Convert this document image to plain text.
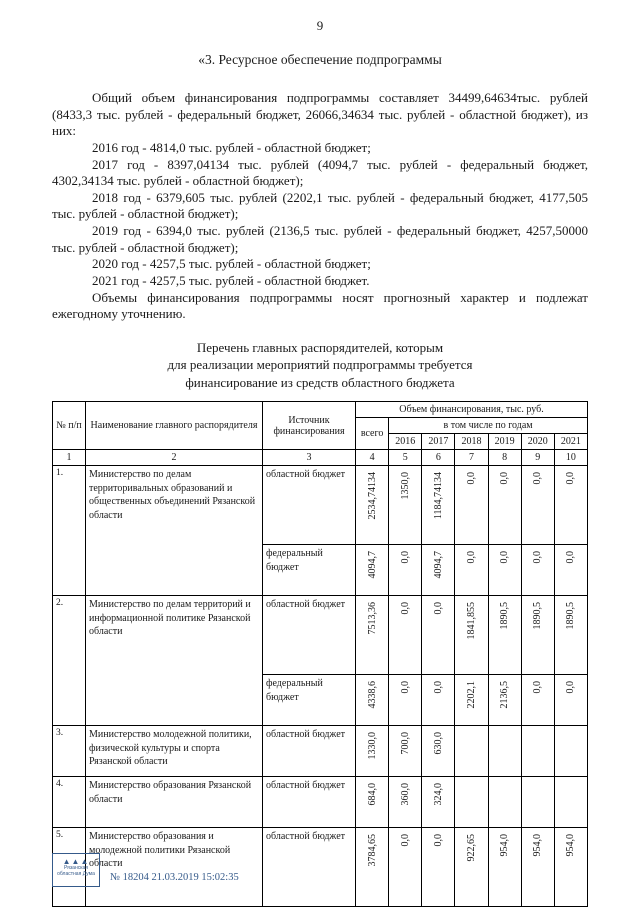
9
«3. Ресурсное обеспечение подпрограммы

Общий объем финансирования подпрограммы составляет 34499,64634тыс. рублей (8433,3 тыс. рублей - федеральный бюджет, 26066,34634 тыс. рублей - областной бюджет), из них:

2016 год - 4814,0 тыс. рублей - областной бюджет;

2017 год - 8397,04134 тыс. рублей (4094,7 тыс. рублей - федеральный бюджет, 4302,34134 тыс. рублей - областной бюджет);

2018 год - 6379,605 тыс. рублей (2202,1 тыс. рублей - федеральный бюджет, 4177,505 тыс. рублей - областной бюджет);

2019 год - 6394,0 тыс. рублей (2136,5 тыс. рублей - федеральный бюджет, 4257,50000 тыс. рублей - областной бюджет);

2020 год - 4257,5 тыс. рублей - областной бюджет;

2021 год - 4257,5 тыс. рублей - областной бюджет.

Объемы финансирования подпрограммы носят прогнозный характер и подлежат ежегодному уточнению.

Перечень главных распорядителей, которым
для реализации мероприятий подпрограммы требуется
финансирование из средств областного бюджета
№ п/п	Наименование главного распорядителя	Источник финансирования	Объем финансирования, тыс. руб.						
			всего	в том числе по годам					
				2016	2017	2018	2019	2020	2021
1	2	3	4	5	6	7	8	9	10
1.	Министерство по делам территоривальных образований и общественных объединений Рязанской области	областной бюджет	2534,74134	1350,0	1184,74134	0,0	0,0	0,0	0,0

		федеральный бюджет	4094,7	0,0	4094,7	0,0	0,0	0,0	0,0

2.	Министерство по делам территорий и информационной политике Рязанской области	областной бюджет	7513,36	0,0	0,0	1841,855	1890,5	1890,5	1890,5

		федеральный бюджет	4338,6	0,0	0,0	2202,1	2136,5	0,0	0,0

3.	Министерство молодежной политики, физической культуры и спорта Рязанской области	областной бюджет	1330,0	700,0	630,0				

4.	Министерство образования Рязанской области	областной бюджет	684,0	360,0	324,0				

5.	Министерство образования и молодежной политики Рязанской области	областной бюджет	3784,65	0,0	0,0	922,65	954,0	954,0	954,0
▲▲▲
Рязанская
областная Дума	№ 18204 21.03.2019 15:02:35
